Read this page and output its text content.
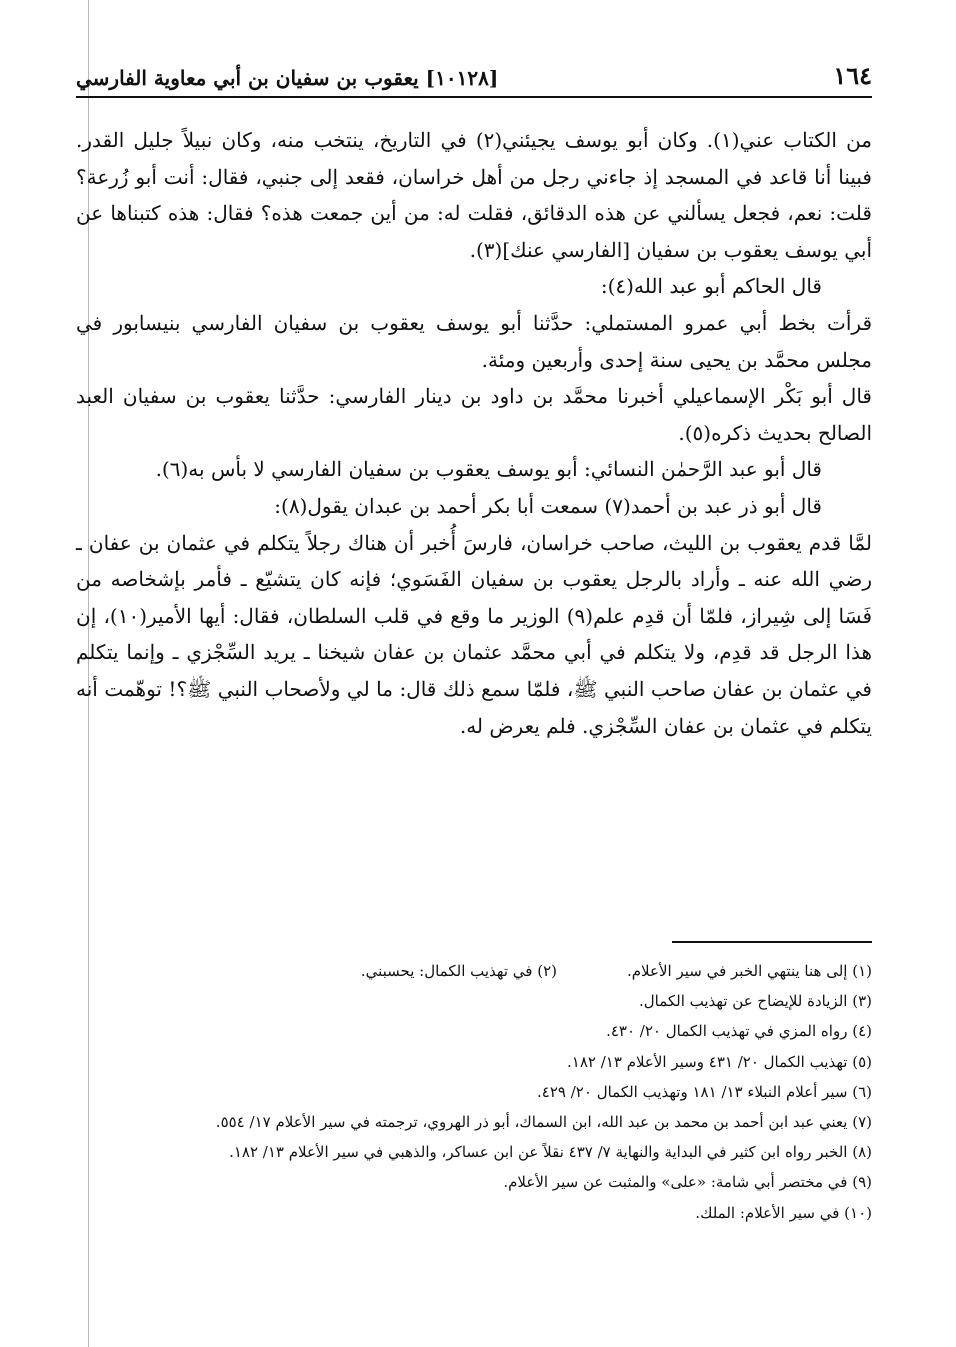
١٦٤
[١٠١٢٨] يعقوب بن سفيان بن أبي معاوية الفارسي

من الكتاب عني(١). وكان أبو يوسف يجيئني(٢) في التاريخ، ينتخب منه، وكان نبيلاً جليل القدر. فبينا أنا قاعد في المسجد إذ جاءني رجل من أهل خراسان، فقعد إلى جنبي، فقال: أنت أبو زُرعة؟ قلت: نعم، فجعل يسألني عن هذه الدقائق، فقلت له: من أين جمعت هذه؟ فقال: هذه كتبناها عن أبي يوسف يعقوب بن سفيان [الفارسي عنك](٣).

قال الحاكم أبو عبد الله(٤):

قرأت بخط أبي عمرو المستملي: حدَّثنا أبو يوسف يعقوب بن سفيان الفارسي بنيسابور في مجلس محمَّد بن يحيى سنة إحدى وأربعين ومئة.

قال أبو بَكْر الإسماعيلي أخبرنا محمَّد بن داود بن دينار الفارسي: حدَّثنا يعقوب بن سفيان العبد الصالح بحديث ذكره(٥).

قال أبو عبد الرَّحمٰن النسائي: أبو يوسف يعقوب بن سفيان الفارسي لا بأس به(٦).

قال أبو ذر عبد بن أحمد(٧) سمعت أبا بكر أحمد بن عبدان يقول(٨):

لمَّا قدم يعقوب بن الليث، صاحب خراسان، فارسَ أُخبر أن هناك رجلاً يتكلم في عثمان بن عفان ـ رضي الله عنه ـ وأراد بالرجل يعقوب بن سفيان الفَسَوي؛ فإنه كان يتشيّع ـ فأمر بإشخاصه من فَسَا إلى شِيراز، فلمّا أن قدِم علم(٩) الوزير ما وقع في قلب السلطان، فقال: أيها الأمير(١٠)، إن هذا الرجل قد قدِم، ولا يتكلم في أبي محمَّد عثمان بن عفان شيخنا ـ يريد السِّجْزي ـ وإنما يتكلم في عثمان بن عفان صاحب النبي ﷺ، فلمّا سمع ذلك قال: ما لي ولأصحاب النبي ﷺ؟! توهّمت أنه يتكلم في عثمان بن عفان السِّجْزي. فلم يعرض له.

(١) إلى هنا ينتهي الخبر في سير الأعلام.
(٢) في تهذيب الكمال: يحسبني.
(٣) الزيادة للإيضاح عن تهذيب الكمال.
(٤) رواه المزي في تهذيب الكمال ٢٠/ ٤٣٠.
(٥) تهذيب الكمال ٢٠/ ٤٣١ وسير الأعلام ١٣/ ١٨٢.
(٦) سير أعلام النبلاء ١٣/ ١٨١ وتهذيب الكمال ٢٠/ ٤٢٩.
(٧) يعني عبد ابن أحمد بن محمد بن عبد الله، ابن السماك، أبو ذر الهروي، ترجمته في سير الأعلام ١٧/ ٥٥٤.
(٨) الخبر رواه ابن كثير في البداية والنهاية ٧/ ٤٣٧ نقلاً عن ابن عساكر، والذهبي في سير الأعلام ١٣/ ١٨٢.
(٩) في مختصر أبي شامة: «على» والمثبت عن سير الأعلام.
(١٠) في سير الأعلام: الملك.
